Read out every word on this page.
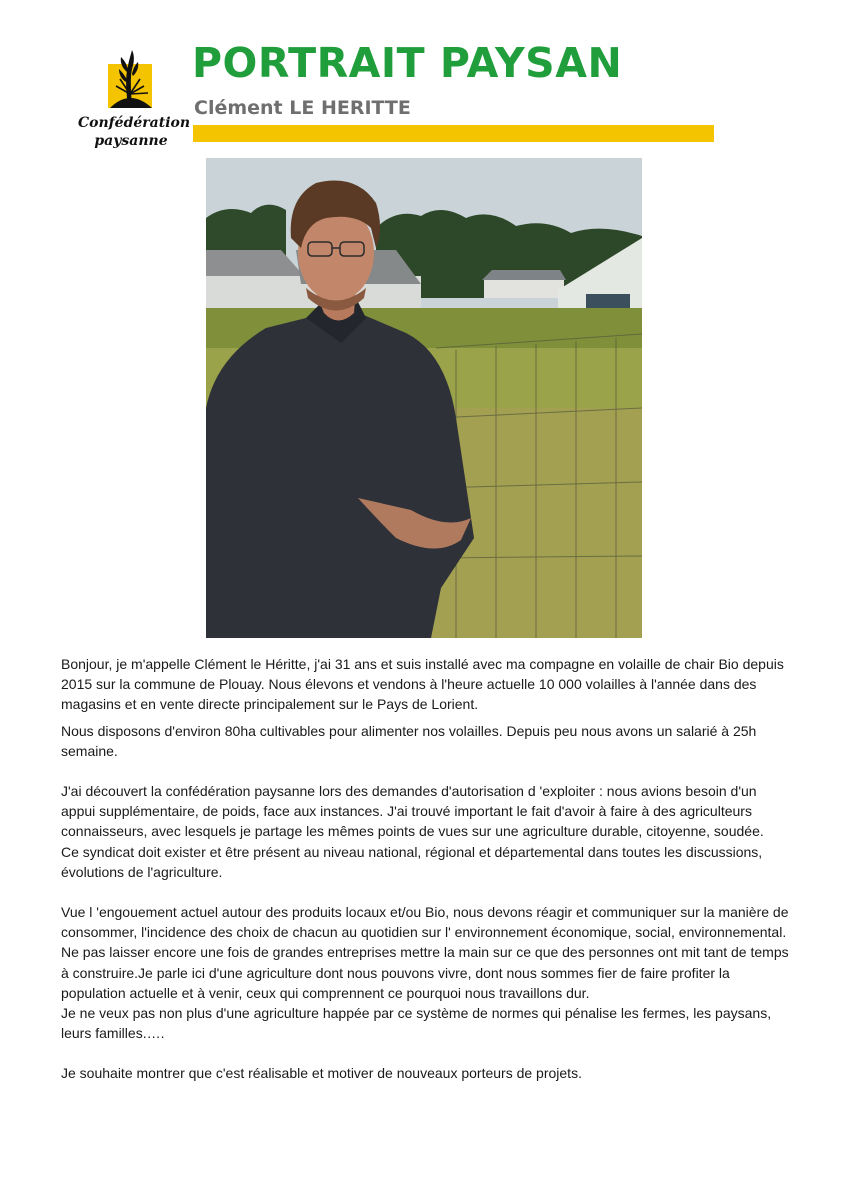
Confédération
paysanne
PORTRAIT PAYSAN
Clément LE HERITTE

Bonjour, je m'appelle Clément le Héritte, j'ai 31 ans et suis installé avec ma compagne en volaille de chair Bio depuis 2015 sur la commune de Plouay. Nous élevons et vendons à l'heure actuelle 10 000 volailles à l'année dans des magasins et en vente directe principalement sur le Pays de Lorient.

Nous disposons d'environ 80ha cultivables pour alimenter nos volailles. Depuis peu nous avons un salarié à 25h semaine.

J'ai découvert la confédération paysanne lors des demandes d'autorisation d 'exploiter : nous avions besoin d'un appui supplémentaire, de poids, face aux instances. J'ai trouvé important le fait d'avoir à faire à des agriculteurs connaisseurs, avec lesquels je partage les mêmes points de vues sur une agriculture durable, citoyenne, soudée.

Ce syndicat doit exister et être présent au niveau national, régional et départemental dans toutes les discussions, évolutions de l'agriculture.

Vue l 'engouement actuel autour des produits locaux et/ou Bio, nous devons réagir et communiquer sur la manière de consommer, l'incidence des choix de chacun au quotidien sur l' environnement économique, social, environnemental.

Ne pas laisser encore une fois de grandes entreprises mettre la main sur ce que des personnes ont mit tant de temps à construire.Je parle ici d'une agriculture dont nous pouvons vivre, dont nous sommes fier de faire profiter la population actuelle et à venir, ceux qui comprennent ce pourquoi nous travaillons dur.

Je ne veux pas non plus d'une agriculture happée par ce système de normes qui pénalise les fermes, les paysans, leurs familles.….

Je souhaite montrer que c'est réalisable et motiver de nouveaux porteurs de projets.
